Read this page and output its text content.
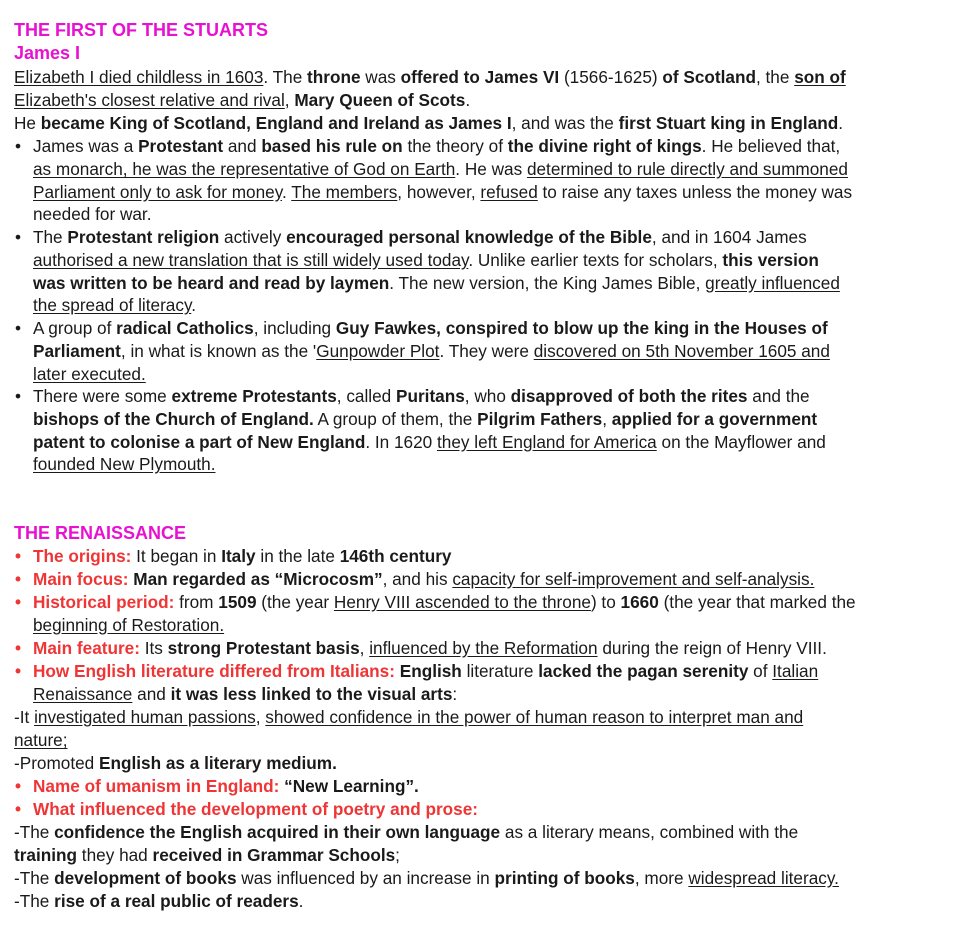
THE FIRST OF THE STUARTS
James I
Elizabeth I died childless in 1603. The throne was offered to James VI (1566-1625) of Scotland, the son of
Elizabeth's closest relative and rival, Mary Queen of Scots.
He became King of Scotland, England and Ireland as James I, and was the first Stuart king in England.
• James was a Protestant and based his rule on the theory of the divine right of kings. He believed that,
as monarch, he was the representative of God on Earth. He was determined to rule directly and summoned
Parliament only to ask for money. The members, however, refused to raise any taxes unless the money was
needed for war.
• The Protestant religion actively encouraged personal knowledge of the Bible, and in 1604 James
authorised a new translation that is still widely used today. Unlike earlier texts for scholars, this version
was written to be heard and read by laymen. The new version, the King James Bible, greatly influenced
the spread of literacy.
• A group of radical Catholics, including Guy Fawkes, conspired to blow up the king in the Houses of
Parliament, in what is known as the 'Gunpowder Plot. They were discovered on 5th November 1605 and
later executed.
• There were some extreme Protestants, called Puritans, who disapproved of both the rites and the
bishops of the Church of England. A group of them, the Pilgrim Fathers, applied for a government
patent to colonise a part of New England. In 1620 they left England for America on the Mayflower and
founded New Plymouth.
THE RENAISSANCE
• The origins: It began in Italy in the late 146th century
• Main focus: Man regarded as “Microcosm”, and his capacity for self-improvement and self-analysis.
• Historical period: from 1509 (the year Henry VIII ascended to the throne) to 1660 (the year that marked the
beginning of Restoration.
• Main feature: Its strong Protestant basis, influenced by the Reformation during the reign of Henry VIII.
• How English literature differed from Italians: English literature lacked the pagan serenity of Italian
Renaissance and it was less linked to the visual arts:
-It investigated human passions, showed confidence in the power of human reason to interpret man and
nature;
-Promoted English as a literary medium.
• Name of umanism in England: “New Learning”.
• What influenced the development of poetry and prose:
-The confidence the English acquired in their own language as a literary means, combined with the
training they had received in Grammar Schools;
-The development of books was influenced by an increase in printing of books, more widespread literacy.
-The rise of a real public of readers.
